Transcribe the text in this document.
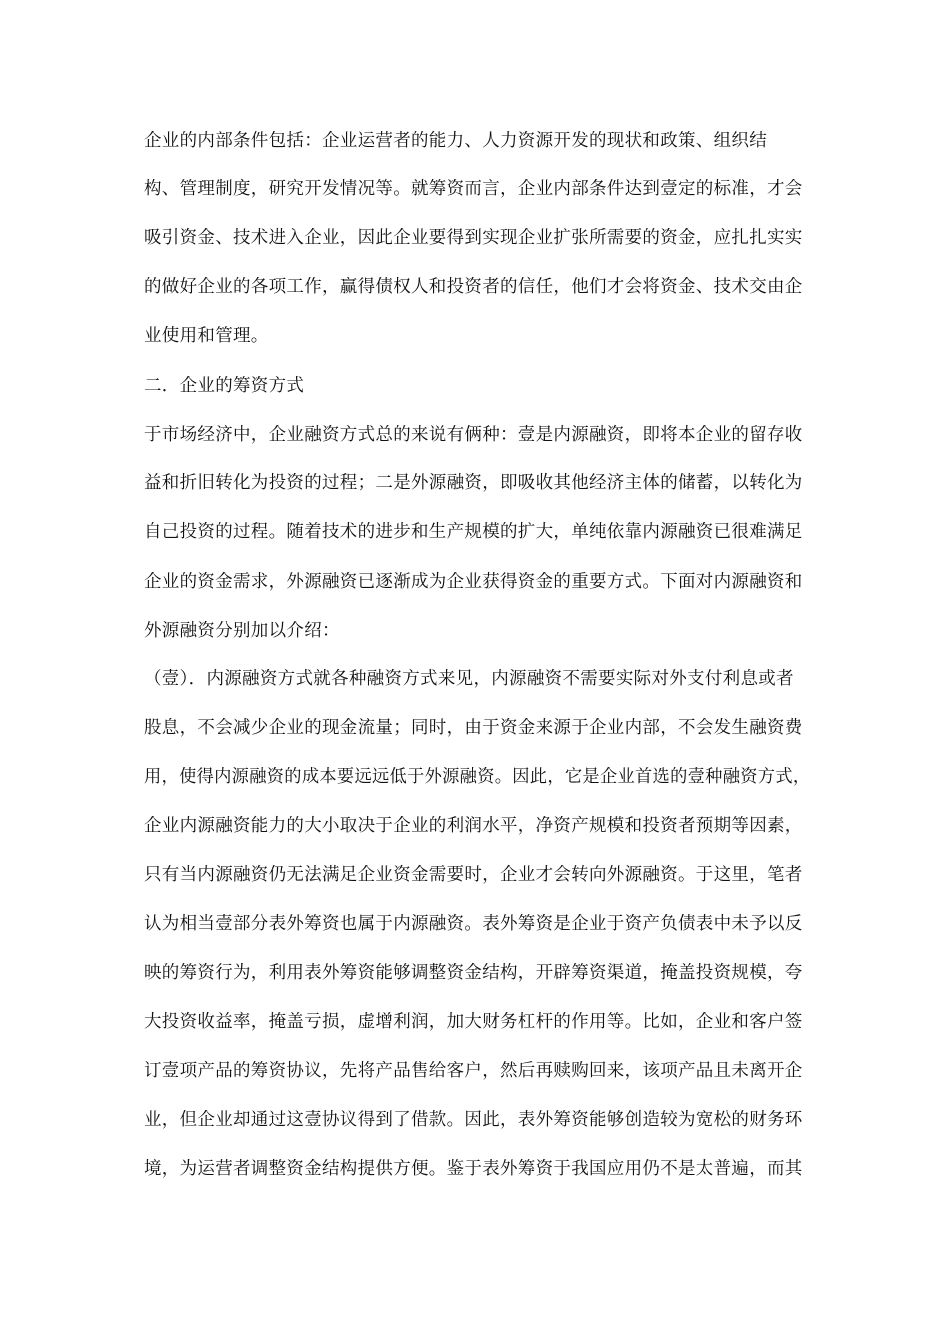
企业的内部条件包括：企业运营者的能力、人力资源开发的现状和政策、组织结
构、管理制度，研究开发情况等。就筹资而言，企业内部条件达到壹定的标准，才会
吸引资金、技术进入企业，因此企业要得到实现企业扩张所需要的资金，应扎扎实实
的做好企业的各项工作，赢得债权人和投资者的信任，他们才会将资金、技术交由企
业使用和管理。
二．企业的筹资方式
于市场经济中，企业融资方式总的来说有俩种：壹是内源融资，即将本企业的留存收
益和折旧转化为投资的过程；二是外源融资，即吸收其他经济主体的储蓄，以转化为
自己投资的过程。随着技术的进步和生产规模的扩大，单纯依靠内源融资已很难满足
企业的资金需求，外源融资已逐渐成为企业获得资金的重要方式。下面对内源融资和
外源融资分别加以介绍：
（壹）．内源融资方式就各种融资方式来见，内源融资不需要实际对外支付利息或者
股息，不会减少企业的现金流量；同时，由于资金来源于企业内部，不会发生融资费
用，使得内源融资的成本要远远低于外源融资。因此，它是企业首选的壹种融资方式，
企业内源融资能力的大小取决于企业的利润水平，净资产规模和投资者预期等因素，
只有当内源融资仍无法满足企业资金需要时，企业才会转向外源融资。于这里，笔者
认为相当壹部分表外筹资也属于内源融资。表外筹资是企业于资产负债表中未予以反
映的筹资行为，利用表外筹资能够调整资金结构，开辟筹资渠道，掩盖投资规模，夸
大投资收益率，掩盖亏损，虚增利润，加大财务杠杆的作用等。比如，企业和客户签
订壹项产品的筹资协议，先将产品售给客户，然后再赎购回来，该项产品且未离开企
业，但企业却通过这壹协议得到了借款。因此，表外筹资能够创造较为宽松的财务环
境，为运营者调整资金结构提供方便。鉴于表外筹资于我国应用仍不是太普遍，而其
